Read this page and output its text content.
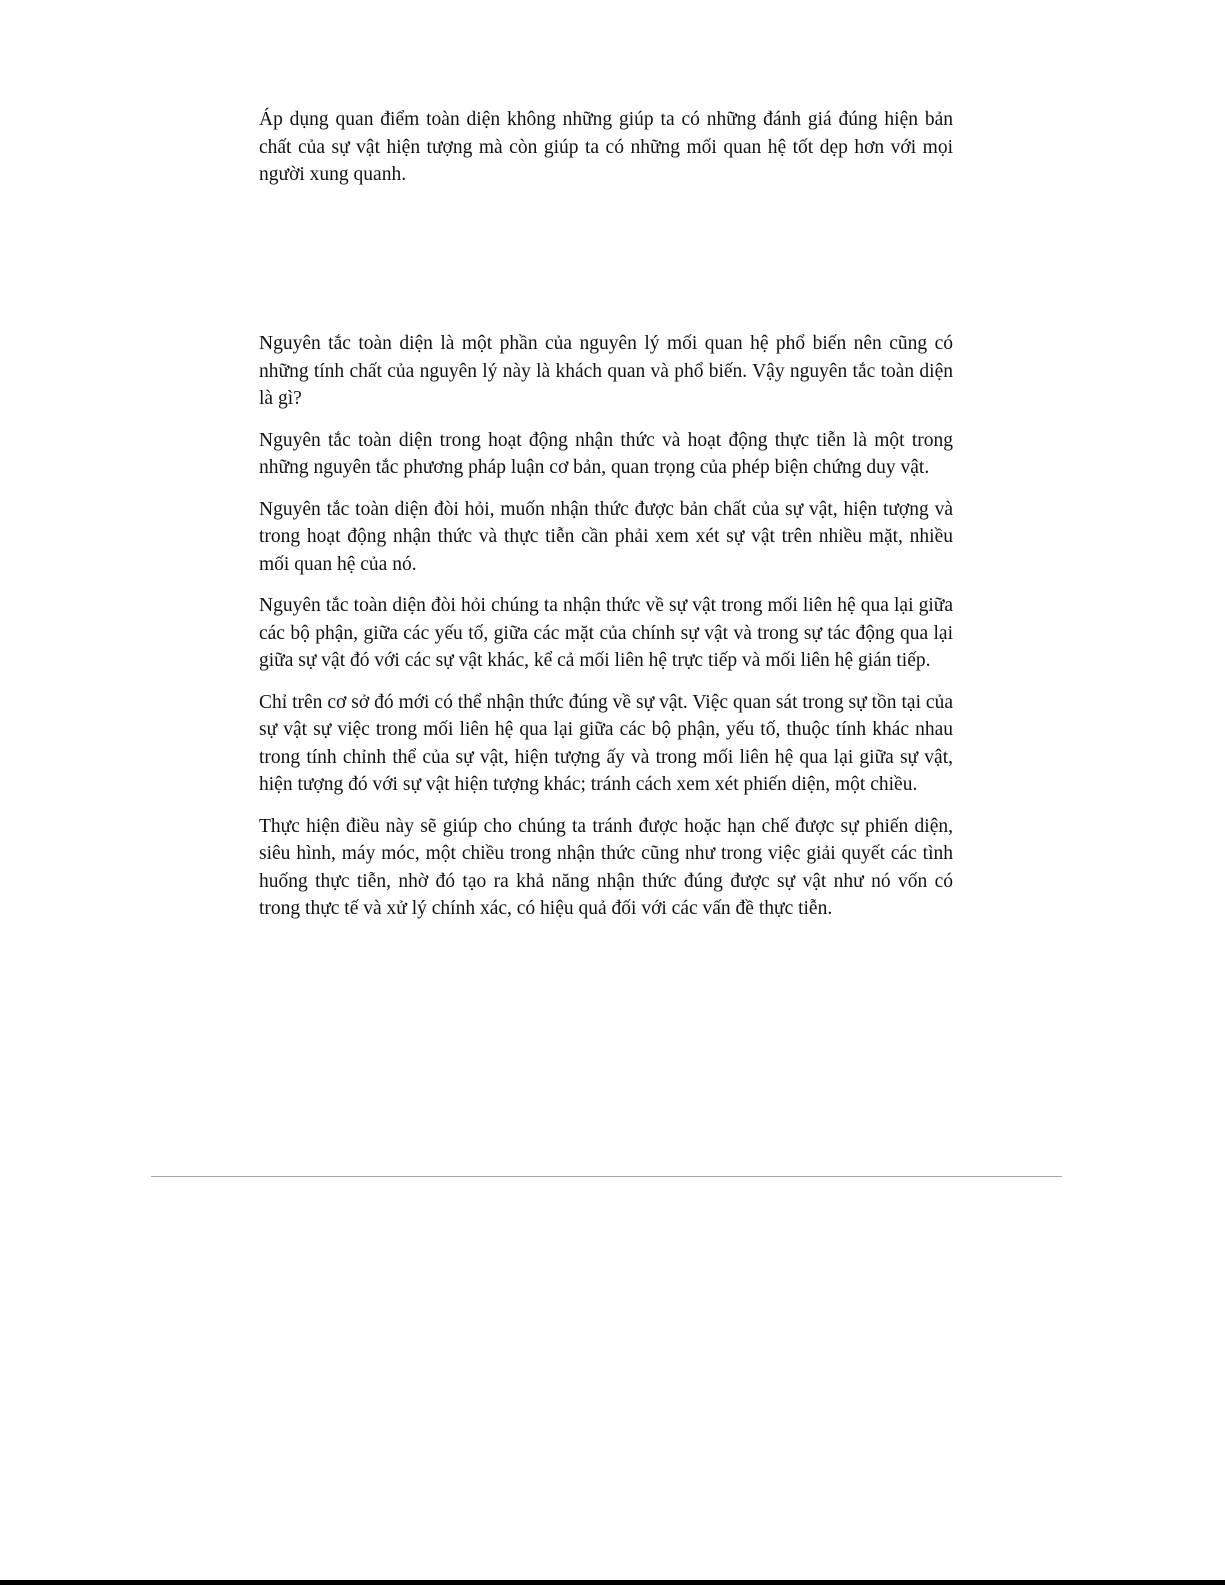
Áp dụng quan điểm toàn diện không những giúp ta có những đánh giá đúng hiện bản chất của sự vật hiện tượng mà còn giúp ta có những mối quan hệ tốt dẹp hơn với mọi người xung quanh.

Nguyên tắc toàn diện là một phần của nguyên lý mối quan hệ phổ biến nên cũng có những tính chất của nguyên lý này là khách quan và phổ biến. Vậy nguyên tắc toàn diện là gì?

Nguyên tắc toàn diện trong hoạt động nhận thức và hoạt động thực tiễn là một trong những nguyên tắc phương pháp luận cơ bản, quan trọng của phép biện chứng duy vật.

Nguyên tắc toàn diện đòi hỏi, muốn nhận thức được bản chất của sự vật, hiện tượng và trong hoạt động nhận thức và thực tiễn cần phải xem xét sự vật trên nhiều mặt, nhiều mối quan hệ của nó.

Nguyên tắc toàn diện đòi hỏi chúng ta nhận thức về sự vật trong mối liên hệ qua lại giữa các bộ phận, giữa các yếu tố, giữa các mặt của chính sự vật và trong sự tác động qua lại giữa sự vật đó với các sự vật khác, kể cả mối liên hệ trực tiếp và mối liên hệ gián tiếp.

Chỉ trên cơ sở đó mới có thể nhận thức đúng về sự vật. Việc quan sát trong sự tồn tại của sự vật sự việc trong mối liên hệ qua lại giữa các bộ phận, yếu tố, thuộc tính khác nhau trong tính chỉnh thể của sự vật, hiện tượng ấy và trong mối liên hệ qua lại giữa sự vật, hiện tượng đó với sự vật hiện tượng khác; tránh cách xem xét phiến diện, một chiều.

Thực hiện điều này sẽ giúp cho chúng ta tránh được hoặc hạn chế được sự phiến diện, siêu hình, máy móc, một chiều trong nhận thức cũng như trong việc giải quyết các tình huống thực tiễn, nhờ đó tạo ra khả năng nhận thức đúng được sự vật như nó vốn có trong thực tế và xử lý chính xác, có hiệu quả đối với các vấn đề thực tiễn.
